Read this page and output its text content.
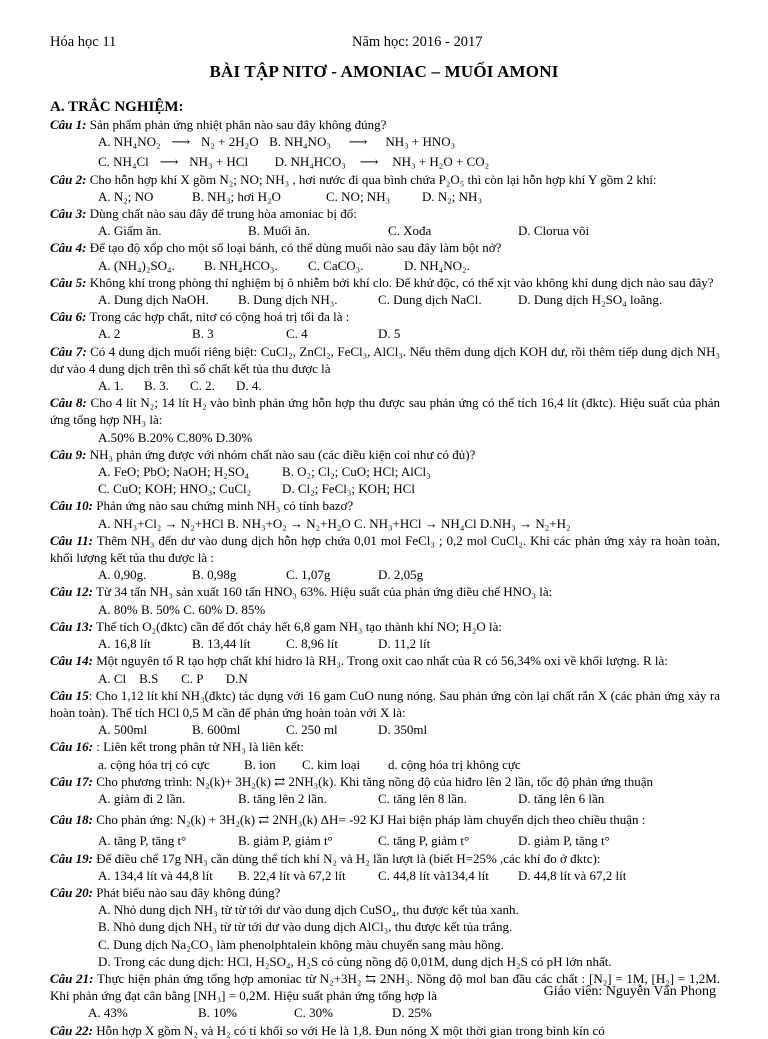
Hóa học 11	Năm học: 2016 - 2017
BÀI TẬP NITƠ - AMONIAC – MUỐI AMONI
A. TRẮC NGHIỆM:
Câu 1: Sản phẩm phản ứng nhiệt phân nào sau đây không đúng?
A. NH₄NO₂ ⟶ N₂ + 2H₂O B. NH₄NO₃ ⟶ NH₃ + HNO₃
C. NH₄Cl ⟶ NH₃ + HCl D. NH₄HCO₃ ⟶ NH₃ + H₂O + CO₂
Câu 2: Cho hỗn hợp khí X gồm N₂; NO; NH₃ , hơi nước đi qua bình chứa P₂O₅ thì còn lại hỗn hợp khí Y gồm 2 khí:
A. N₂; NO	B. NH₃; hơi H₂O	C. NO; NH₃ D. N₂; NH₃
Câu 3: Dùng chất nào sau đây để trung hòa amoniac bị đổ:
A. Giấm ăn.	B. Muối ăn.	C. Xođa	D. Clorua vôi
Câu 4: Để tạo độ xốp cho một số loại bánh, có thể dùng muối nào sau đây làm bột nở?
A. (NH₄)₂SO₄. B. NH₄HCO₃. C. CaCO₃.	D. NH₄NO₂.
Câu 5: Không khí trong phòng thí nghiệm bị ô nhiễm bởi khí clo. Để khử độc, có thể xịt vào không khí dung dịch nào sau đây?
A. Dung dịch NaOH. B. Dung dịch NH₃.	C. Dung dịch NaCl.	D. Dung dịch H₂SO₄ loãng.
Câu 6: Trong các hợp chất, nitơ có cộng hoá trị tối đa là :
A. 2	B. 3	C. 4	D. 5
Câu 7: Có 4 dung dịch muối riêng biệt: CuCl₂, ZnCl₂, FeCl₃, AlCl₃. Nếu thêm dung dịch KOH dư, rồi thêm tiếp dung dịch NH₃ dư vào 4 dung dịch trên thì số chất kết tủa thu được là
A. 1. B. 3. C. 2. D. 4.
Câu 8: Cho 4 lít N₂; 14 lít H₂ vào bình phản ứng hỗn hợp thu được sau phản ứng có thể tích 16,4 lít (đktc). Hiệu suất của phản ứng tổng hợp NH₃ là:
A.50% B.20% C.80% D.30%
Câu 9: NH₃ phản ứng được với nhóm chất nào sau (các điều kiện coi như có đủ)?
A. FeO; PbO; NaOH; H₂SO₄	B. O₂; Cl₂; CuO; HCl; AlCl₃
C. CuO; KOH; HNO₃; CuCl₂ D. Cl₂; FeCl₃; KOH; HCl
Câu 10: Phản ứng nào sau chứng minh NH₃ có tính bazơ?
A. NH₃+Cl₂ → N₂+HCl B. NH₃+O₂ → N₂+H₂O C. NH₃+HCl → NH₄Cl D.NH₃ → N₂+H₂
Câu 11: Thêm NH₃ đến dư vào dung dịch hỗn hợp chứa 0,01 mol FeCl₃ ; 0,2 mol CuCl₂. Khi các phản ứng xảy ra hoàn toàn, khối lượng kết tủa thu được là :
A. 0,90g.	B. 0,98g	C. 1,07g	D. 2,05g
Câu 12: Từ 34 tấn NH₃ sản xuất 160 tấn HNO₃ 63%. Hiệu suất của phản ứng điều chế HNO₃ là:
A. 80% B. 50% C. 60% D. 85%
Câu 13: Thể tích O₂(đktc) cần để đốt cháy hết 6,8 gam NH₃ tạo thành khí NO; H₂O là:
A. 16,8 lít	B. 13,44 lít	C. 8,96 lít	D. 11,2 lít
Câu 14: Một nguyên tố R tạo hợp chất khí hidro là RH₃. Trong oxit cao nhất của R có 56,34% oxi về khối lượng. R là:
A. Cl    B.S       C. P       D.N
Câu 15: Cho 1,12 lít khí NH₃(đktc) tác dụng với 16 gam CuO nung nóng. Sau phản ứng còn lại chất rắn X (các phản ứng xảy ra hoàn toàn). Thể tích HCl 0,5 M cần để phản ứng hoàn toàn với X là:
A. 500ml	B. 600ml	C. 250 ml	D. 350ml
Câu 16: : Liên kết trong phân tử NH₃ là liên kết:
a. cộng hóa trị có cực	B. ion C. kim loại d. cộng hóa trị không cực
Câu 17: Cho phương trình: N₂(k)+ 3H₂(k) ⇄ 2NH₃(k). Khi tăng nồng độ của hiđro lên 2 lần, tốc độ phản ứng thuận
A. giảm đi 2 lần.	B. tăng lên 2 lần.	C. tăng lên 8 lần.	D. tăng lên 6 lần
Câu 18: Cho phản ứng: N₂(k) + 3H₂(k) ⇄ 2NH₃(k) ΔH= -92 KJ Hai biện pháp làm chuyển dịch theo chiều thuận :
A. tăng P, tăng t°	B. giảm P, giảm t°	C. tăng P, giảm t°	D. giảm P, tăng t°
Câu 19: Để điều chế 17g NH₃ cần dùng thể tích khí N₂ và H₂ lần lượt là (biết H=25% ,các khí đo ở đktc):
A. 134,4 lít và 44,8 lít B. 22,4 lít và 67,2 lít C. 44,8 lít và134,4 lít D. 44,8 lít và 67,2 lít
Câu 20: Phát biểu nào sau đây không đúng?
A. Nhỏ dung dịch NH₃ từ từ tới dư vào dung dịch CuSO₄, thu được kết tủa xanh.
B. Nhỏ dung dịch NH₃ từ từ tới dư vào dung dịch AlCl₃, thu được kết tủa trắng.
C. Dung dịch Na₂CO₃ làm phenolphtalein không màu chuyển sang màu hồng.
D. Trong các dung dịch: HCl, H₂SO₄, H₂S có cùng nồng độ 0,01M, dung dịch H₂S có pH lớn nhất.
Câu 21: Thực hiện phản ứng tổng hợp amoniac từ N₂+3H₂ ⇆ 2NH₃. Nồng độ mol ban đầu các chất : [N₂] = 1M, [H₂] = 1,2M. Khi phản ứng đạt cân bằng [NH₃] = 0,2M. Hiệu suất phản ứng tổng hợp là
A. 43%	B. 10%	C. 30%	D. 25%
Câu 22: Hỗn hợp X gồm N₂ và H₂ có tỉ khối so với He là 1,8. Đun nóng X một thời gian trong bình kín có
Giáo viên: Nguyễn Văn Phong
